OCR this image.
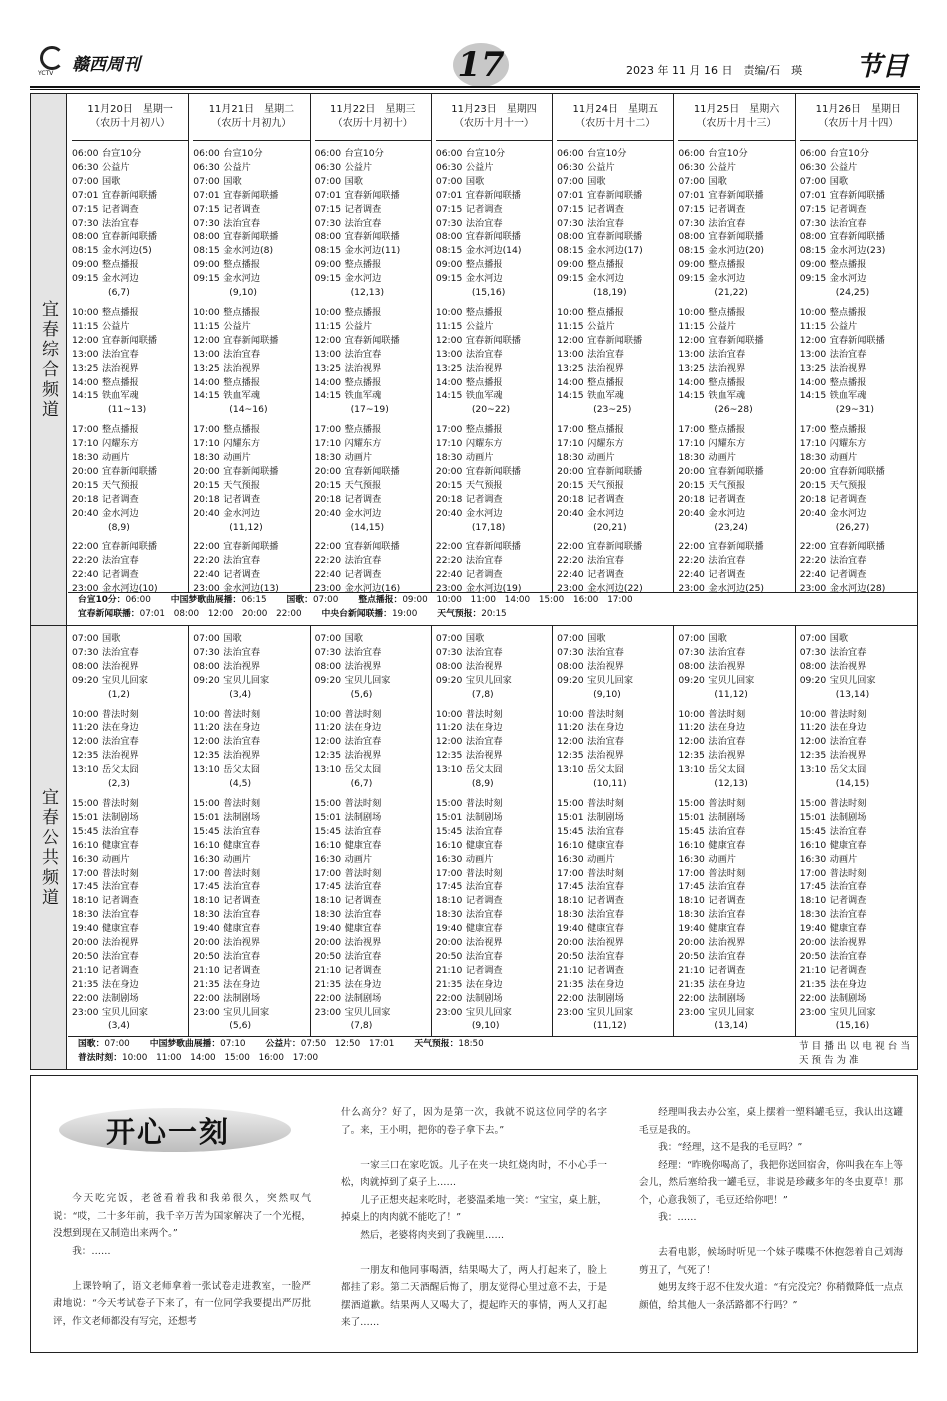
YCTV 赣西周刊	17	2023 年 11 月 16 日　责编/石　瑛 节目
宜春综合频道
11月20日　星期一
（农历十月初八）
06:00 台宣10分
06:30 公益片
07:00 国歌
07:01 宜春新闻联播
07:15 记者调查
07:30 法治宜春
08:00 宜春新闻联播
08:15 金水河边(5)
09:00 整点播报
09:15 金水河边
(6,7)
10:00 整点播报
11:15 公益片
12:00 宜春新闻联播
13:00 法治宜春
13:25 法治视界
14:00 整点播报
14:15 铁血军魂
(11~13)
17:00 整点播报
17:10 闪耀东方
18:30 动画片
20:00 宜春新闻联播
20:15 天气预报
20:18 记者调查
20:40 金水河边
(8,9)
22:00 宜春新闻联播
22:20 法治宜春
22:40 记者调查
23:00 金水河边(10)
11月21日　星期二
（农历十月初九）
06:00 台宣10分
06:30 公益片
07:00 国歌
07:01 宜春新闻联播
07:15 记者调查
07:30 法治宜春
08:00 宜春新闻联播
08:15 金水河边(8)
09:00 整点播报
09:15 金水河边
(9,10)
10:00 整点播报
11:15 公益片
12:00 宜春新闻联播
13:00 法治宜春
13:25 法治视界
14:00 整点播报
14:15 铁血军魂
(14~16)
17:00 整点播报
17:10 闪耀东方
18:30 动画片
20:00 宜春新闻联播
20:15 天气预报
20:18 记者调查
20:40 金水河边
(11,12)
22:00 宜春新闻联播
22:20 法治宜春
22:40 记者调查
23:00 金水河边(13)
11月22日　星期三
（农历十月初十）
06:00 台宣10分
06:30 公益片
07:00 国歌
07:01 宜春新闻联播
07:15 记者调查
07:30 法治宜春
08:00 宜春新闻联播
08:15 金水河边(11)
09:00 整点播报
09:15 金水河边
(12,13)
10:00 整点播报
11:15 公益片
12:00 宜春新闻联播
13:00 法治宜春
13:25 法治视界
14:00 整点播报
14:15 铁血军魂
(17~19)
17:00 整点播报
17:10 闪耀东方
18:30 动画片
20:00 宜春新闻联播
20:15 天气预报
20:18 记者调查
20:40 金水河边
(14,15)
22:00 宜春新闻联播
22:20 法治宜春
22:40 记者调查
23:00 金水河边(16)
11月23日　星期四
（农历十月十一）
06:00 台宣10分
06:30 公益片
07:00 国歌
07:01 宜春新闻联播
07:15 记者调查
07:30 法治宜春
08:00 宜春新闻联播
08:15 金水河边(14)
09:00 整点播报
09:15 金水河边
(15,16)
10:00 整点播报
11:15 公益片
12:00 宜春新闻联播
13:00 法治宜春
13:25 法治视界
14:00 整点播报
14:15 铁血军魂
(20~22)
17:00 整点播报
17:10 闪耀东方
18:30 动画片
20:00 宜春新闻联播
20:15 天气预报
20:18 记者调查
20:40 金水河边
(17,18)
22:00 宜春新闻联播
22:20 法治宜春
22:40 记者调查
23:00 金水河边(19)
11月24日　星期五
（农历十月十二）
06:00 台宣10分
06:30 公益片
07:00 国歌
07:01 宜春新闻联播
07:15 记者调查
07:30 法治宜春
08:00 宜春新闻联播
08:15 金水河边(17)
09:00 整点播报
09:15 金水河边
(18,19)
10:00 整点播报
11:15 公益片
12:00 宜春新闻联播
13:00 法治宜春
13:25 法治视界
14:00 整点播报
14:15 铁血军魂
(23~25)
17:00 整点播报
17:10 闪耀东方
18:30 动画片
20:00 宜春新闻联播
20:15 天气预报
20:18 记者调查
20:40 金水河边
(20,21)
22:00 宜春新闻联播
22:20 法治宜春
22:40 记者调查
23:00 金水河边(22)
11月25日　星期六
（农历十月十三）
06:00 台宣10分
06:30 公益片
07:00 国歌
07:01 宜春新闻联播
07:15 记者调查
07:30 法治宜春
08:00 宜春新闻联播
08:15 金水河边(20)
09:00 整点播报
09:15 金水河边
(21,22)
10:00 整点播报
11:15 公益片
12:00 宜春新闻联播
13:00 法治宜春
13:25 法治视界
14:00 整点播报
14:15 铁血军魂
(26~28)
17:00 整点播报
17:10 闪耀东方
18:30 动画片
20:00 宜春新闻联播
20:15 天气预报
20:18 记者调查
20:40 金水河边
(23,24)
22:00 宜春新闻联播
22:20 法治宜春
22:40 记者调查
23:00 金水河边(25)
11月26日　星期日
（农历十月十四）
06:00 台宣10分
06:30 公益片
07:00 国歌
07:01 宜春新闻联播
07:15 记者调查
07:30 法治宜春
08:00 宜春新闻联播
08:15 金水河边(23)
09:00 整点播报
09:15 金水河边
(24,25)
10:00 整点播报
11:15 公益片
12:00 宜春新闻联播
13:00 法治宜春
13:25 法治视界
14:00 整点播报
14:15 铁血军魂
(29~31)
17:00 整点播报
17:10 闪耀东方
18:30 动画片
20:00 宜春新闻联播
20:15 天气预报
20:18 记者调查
20:40 金水河边
(26,27)
22:00 宜春新闻联播
22:20 法治宜春
22:40 记者调查
23:00 金水河边(28)
台宣10分：06:00 中国梦歌曲展播：06:15 国歌：07:00 整点播报：09:00　10:00　11:00　14:00　15:00　16:00　17:00
宜春新闻联播：07:01　08:00　12:00　20:00　22:00 中央台新闻联播：19:00 天气预报：20:15
宜春公共频道
07:00 国歌
07:30 法治宜春
08:00 法治视界
09:20 宝贝儿回家
(1,2)
10:00 普法时刻
11:20 法在身边
12:00 法治宜春
12:35 法治视界
13:10 岳父太囧
(2,3)
15:00 普法时刻
15:01 法制剧场
15:45 法治宜春
16:10 健康宜春
16:30 动画片
17:00 普法时刻
17:45 法治宜春
18:10 记者调查
18:30 法治宜春
19:40 健康宜春
20:00 法治视界
20:50 法治宜春
21:10 记者调查
21:35 法在身边
22:00 法制剧场
23:00 宝贝儿回家
(3,4)
07:00 国歌
07:30 法治宜春
08:00 法治视界
09:20 宝贝儿回家
(3,4)
10:00 普法时刻
11:20 法在身边
12:00 法治宜春
12:35 法治视界
13:10 岳父太囧
(4,5)
15:00 普法时刻
15:01 法制剧场
15:45 法治宜春
16:10 健康宜春
16:30 动画片
17:00 普法时刻
17:45 法治宜春
18:10 记者调查
18:30 法治宜春
19:40 健康宜春
20:00 法治视界
20:50 法治宜春
21:10 记者调查
21:35 法在身边
22:00 法制剧场
23:00 宝贝儿回家
(5,6)
07:00 国歌
07:30 法治宜春
08:00 法治视界
09:20 宝贝儿回家
(5,6)
10:00 普法时刻
11:20 法在身边
12:00 法治宜春
12:35 法治视界
13:10 岳父太囧
(6,7)
15:00 普法时刻
15:01 法制剧场
15:45 法治宜春
16:10 健康宜春
16:30 动画片
17:00 普法时刻
17:45 法治宜春
18:10 记者调查
18:30 法治宜春
19:40 健康宜春
20:00 法治视界
20:50 法治宜春
21:10 记者调查
21:35 法在身边
22:00 法制剧场
23:00 宝贝儿回家
(7,8)
07:00 国歌
07:30 法治宜春
08:00 法治视界
09:20 宝贝儿回家
(7,8)
10:00 普法时刻
11:20 法在身边
12:00 法治宜春
12:35 法治视界
13:10 岳父太囧
(8,9)
15:00 普法时刻
15:01 法制剧场
15:45 法治宜春
16:10 健康宜春
16:30 动画片
17:00 普法时刻
17:45 法治宜春
18:10 记者调查
18:30 法治宜春
19:40 健康宜春
20:00 法治视界
20:50 法治宜春
21:10 记者调查
21:35 法在身边
22:00 法制剧场
23:00 宝贝儿回家
(9,10)
07:00 国歌
07:30 法治宜春
08:00 法治视界
09:20 宝贝儿回家
(9,10)
10:00 普法时刻
11:20 法在身边
12:00 法治宜春
12:35 法治视界
13:10 岳父太囧
(10,11)
15:00 普法时刻
15:01 法制剧场
15:45 法治宜春
16:10 健康宜春
16:30 动画片
17:00 普法时刻
17:45 法治宜春
18:10 记者调查
18:30 法治宜春
19:40 健康宜春
20:00 法治视界
20:50 法治宜春
21:10 记者调查
21:35 法在身边
22:00 法制剧场
23:00 宝贝儿回家
(11,12)
07:00 国歌
07:30 法治宜春
08:00 法治视界
09:20 宝贝儿回家
(11,12)
10:00 普法时刻
11:20 法在身边
12:00 法治宜春
12:35 法治视界
13:10 岳父太囧
(12,13)
15:00 普法时刻
15:01 法制剧场
15:45 法治宜春
16:10 健康宜春
16:30 动画片
17:00 普法时刻
17:45 法治宜春
18:10 记者调查
18:30 法治宜春
19:40 健康宜春
20:00 法治视界
20:50 法治宜春
21:10 记者调查
21:35 法在身边
22:00 法制剧场
23:00 宝贝儿回家
(13,14)
07:00 国歌
07:30 法治宜春
08:00 法治视界
09:20 宝贝儿回家
(13,14)
10:00 普法时刻
11:20 法在身边
12:00 法治宜春
12:35 法治视界
13:10 岳父太囧
(14,15)
15:00 普法时刻
15:01 法制剧场
15:45 法治宜春
16:10 健康宜春
16:30 动画片
17:00 普法时刻
17:45 法治宜春
18:10 记者调查
18:30 法治宜春
19:40 健康宜春
20:00 法治视界
20:50 法治宜春
21:10 记者调查
21:35 法在身边
22:00 法制剧场
23:00 宝贝儿回家
(15,16)
国歌：07:00 中国梦歌曲展播：07:10 公益片：07:50　12:50　17:01 天气预报：18:50
普法时刻：10:00　11:00　14:00　15:00　16:00　17:00
节目播出以电视台当天预告为准
开心一刻

今天吃完饭，老爸看着我和我弟很久，突然叹气说：“哎，二十多年前，我千辛万苦为国家解决了一个光棍，没想到现在又制造出来两个。”

我：……

上课铃响了，语文老师拿着一张试卷走进教室，一脸严肃地说：“今天考试卷子下来了，有一位同学我要提出严厉批评，作文老师都没有写完，还想考

什么高分？好了，因为是第一次，我就不说这位同学的名字了。来，王小明，把你的卷子拿下去。”

一家三口在家吃饭。儿子在夹一块红烧肉时，不小心手一松，肉就掉到了桌子上……

儿子正想夹起来吃时，老婆温柔地一笑：“宝宝，桌上脏，掉桌上的肉肉就不能吃了！”

然后，老婆将肉夹到了我碗里……

一朋友和他同事喝酒，结果喝大了，两人打起来了，脸上都挂了彩。第二天酒醒后悔了，朋友觉得心里过意不去，于是摆酒道歉。结果两人又喝大了，提起昨天的事情，两人又打起来了……

经理叫我去办公室，桌上摆着一塑料罐毛豆，我认出这罐毛豆是我的。

我：“经理，这不是我的毛豆吗？”

经理：“昨晚你喝高了，我把你送回宿舍，你叫我在车上等会儿，然后塞给我一罐毛豆，非说是珍藏多年的冬虫夏草！那个，心意我领了，毛豆还给你吧！”

我：……

去看电影，候场时听见一个妹子喋喋不休抱怨着自己刘海剪丑了，气死了！

她男友终于忍不住发火道：“有完没完？你稍微降低一点点颜值，给其他人一条活路都不行吗？”
